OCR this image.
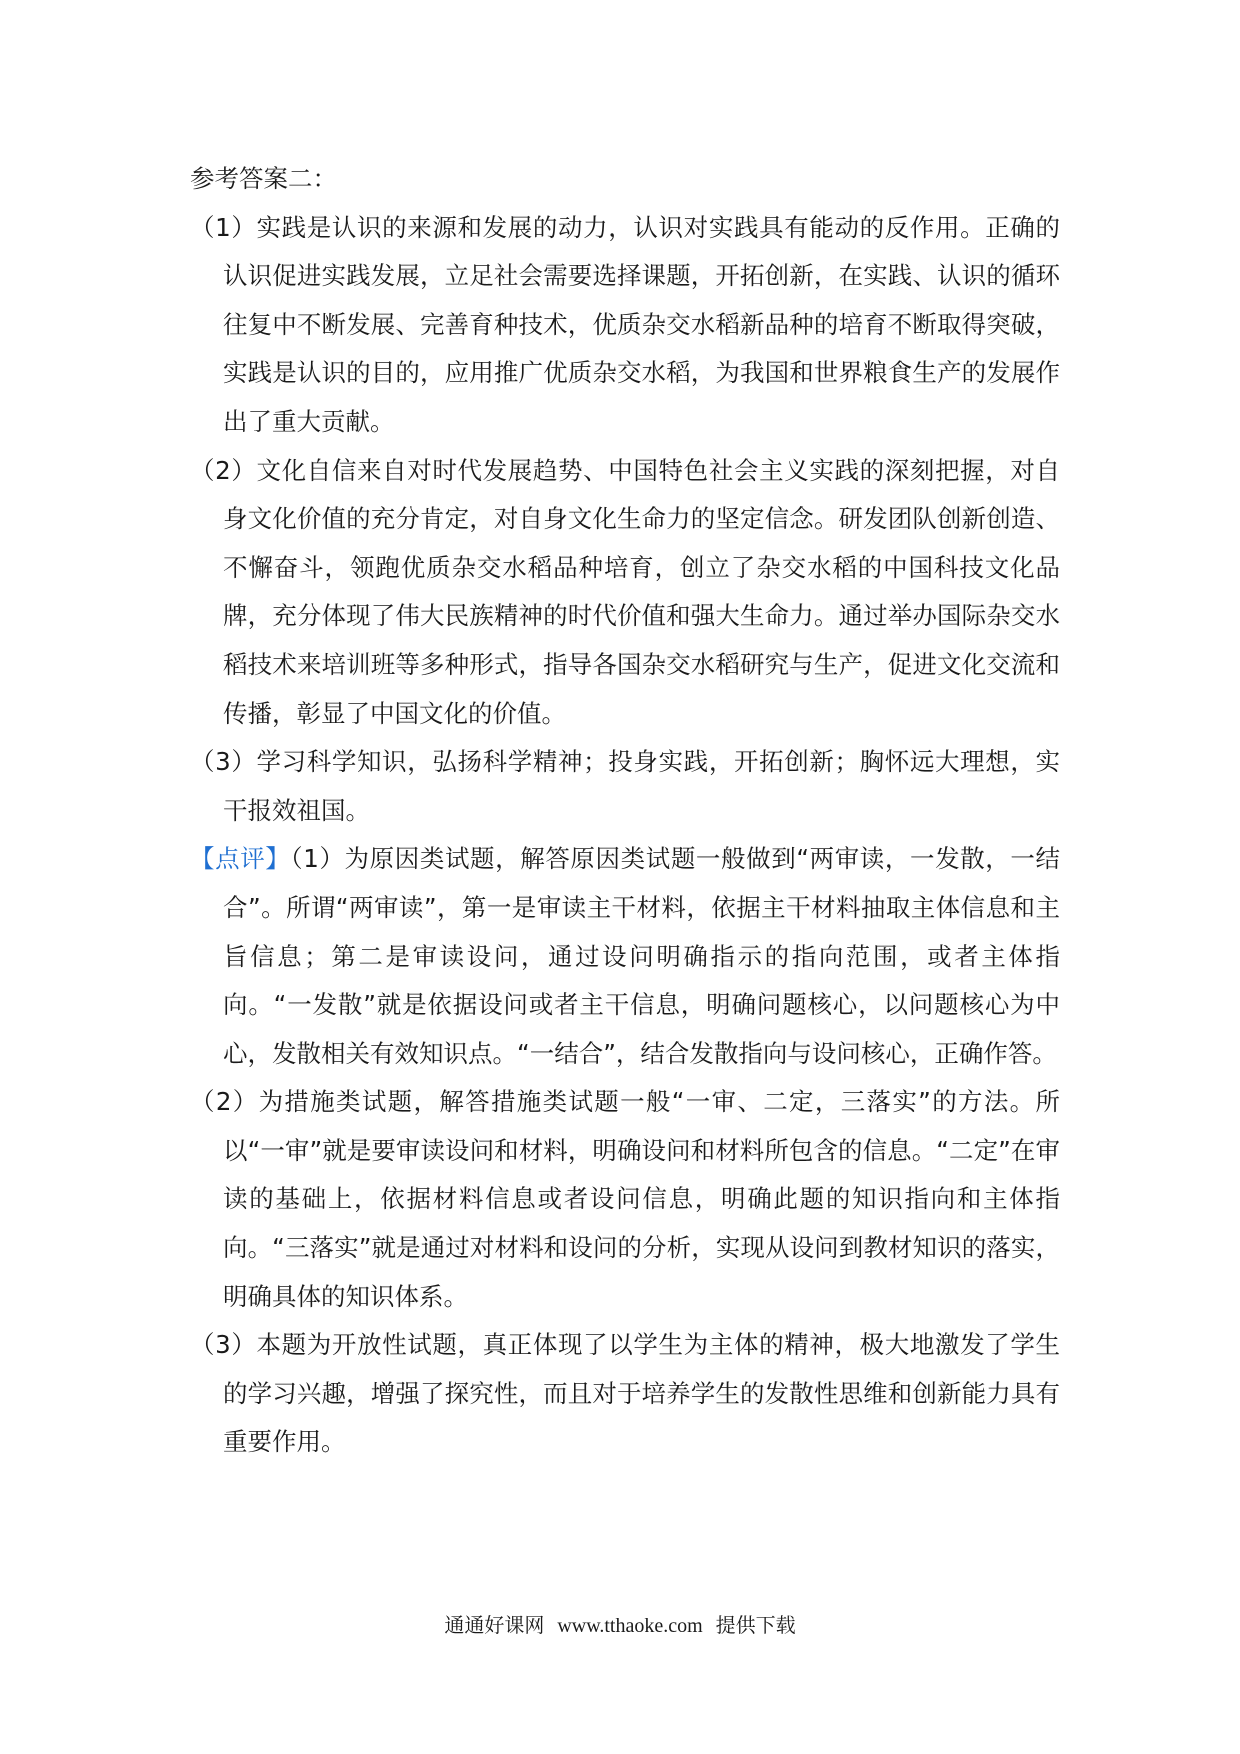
参考答案二：

（1）实践是认识的来源和发展的动力，认识对实践具有能动的反作用。正确的认识促进实践发展，立足社会需要选择课题，开拓创新，在实践、认识的循环往复中不断发展、完善育种技术，优质杂交水稻新品种的培育不断取得突破，实践是认识的目的，应用推广优质杂交水稻，为我国和世界粮食生产的发展作出了重大贡献。

（2）文化自信来自对时代发展趋势、中国特色社会主义实践的深刻把握，对自身文化价值的充分肯定，对自身文化生命力的坚定信念。研发团队创新创造、不懈奋斗，领跑优质杂交水稻品种培育，创立了杂交水稻的中国科技文化品牌，充分体现了伟大民族精神的时代价值和强大生命力。通过举办国际杂交水稻技术来培训班等多种形式，指导各国杂交水稻研究与生产，促进文化交流和传播，彰显了中国文化的价值。

（3）学习科学知识，弘扬科学精神；投身实践，开拓创新；胸怀远大理想，实干报效祖国。

【点评】（1）为原因类试题，解答原因类试题一般做到“两审读，一发散，一结合”。所谓“两审读”，第一是审读主干材料，依据主干材料抽取主体信息和主旨信息；第二是审读设问，通过设问明确指示的指向范围，或者主体指向。“一发散”就是依据设问或者主干信息，明确问题核心，以问题核心为中心，发散相关有效知识点。“一结合”，结合发散指向与设问核心，正确作答。

（2）为措施类试题，解答措施类试题一般“一审、二定，三落实”的方法。所以“一审”就是要审读设问和材料，明确设问和材料所包含的信息。“二定”在审读的基础上，依据材料信息或者设问信息，明确此题的知识指向和主体指向。“三落实”就是通过对材料和设问的分析，实现从设问到教材知识的落实，明确具体的知识体系。

（3）本题为开放性试题，真正体现了以学生为主体的精神，极大地激发了学生的学习兴趣，增强了探究性，而且对于培养学生的发散性思维和创新能力具有重要作用。

通通好课网 www.tthaoke.com 提供下载
